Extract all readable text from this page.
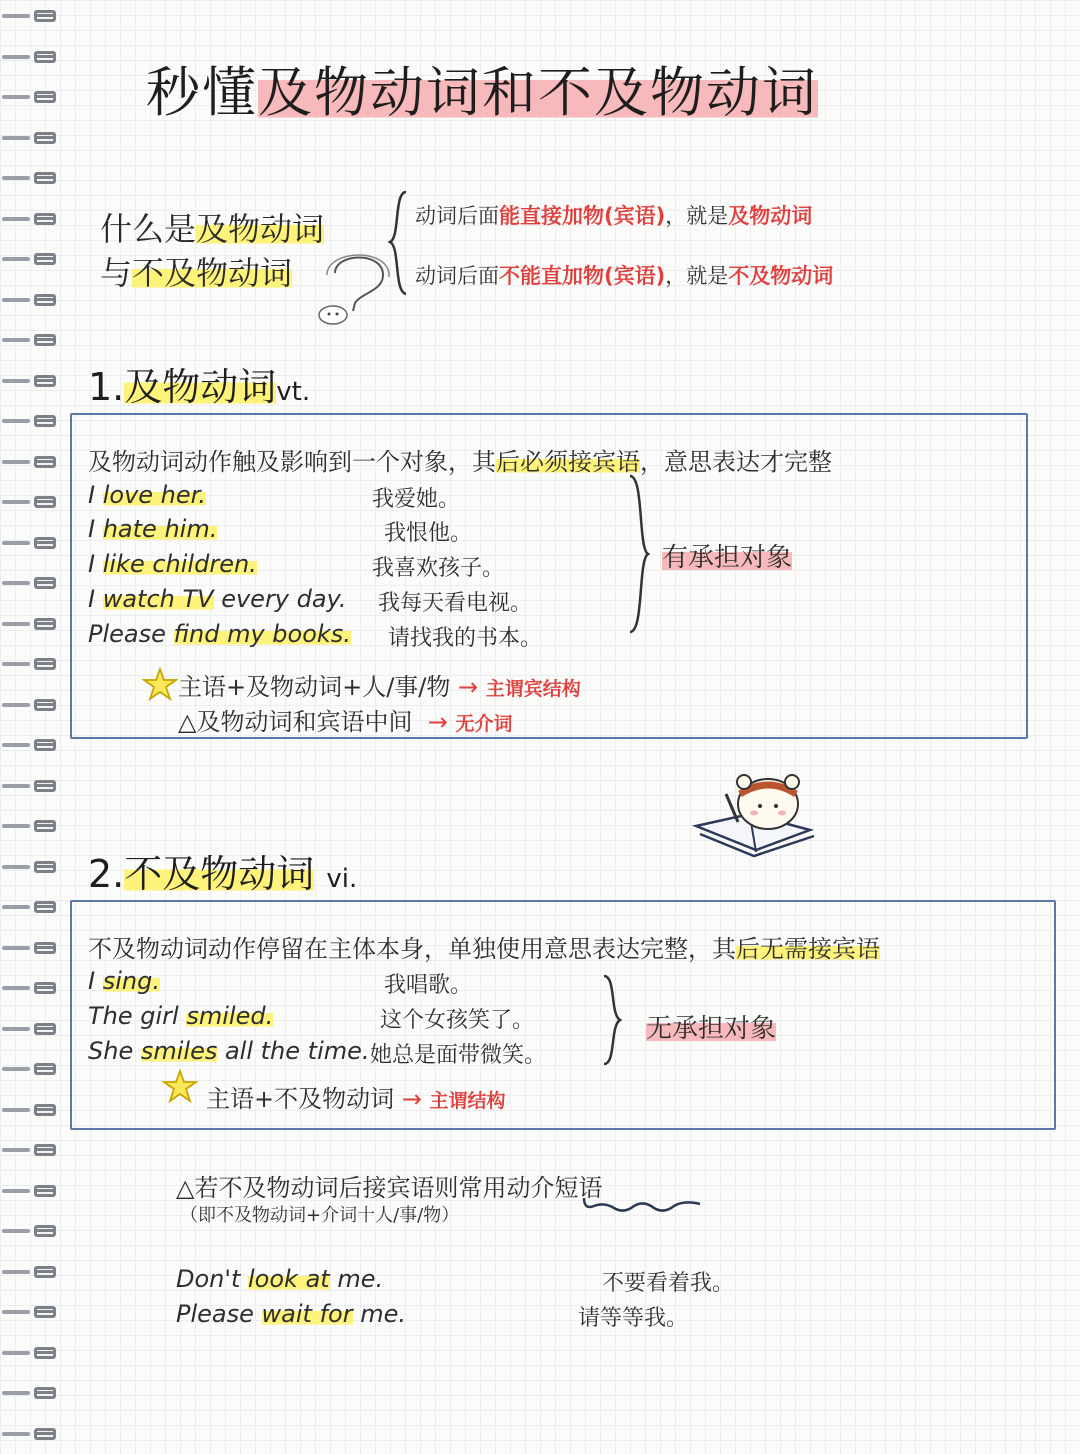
秒懂及物动词和不及物动词
什么是及物动词
与不及物动词
动词后面能直接加物(宾语)，就是及物动词
动词后面不能直加物(宾语)，就是不及物动词
1.及物动词vt.
及物动词动作触及影响到一个对象，其后必须接宾语，意思表达才完整
I love her.	我爱她。
I hate him.	我恨他。
I like children.	我喜欢孩子。
I watch TV every day. 我每天看电视。
Please find my books. 请找我的书本。
有承担对象
主语+及物动词+人/事/物 → 主谓宾结构
△及物动词和宾语中间 → 无介词
2.不及物动词 vi.
不及物动词动作停留在主体本身，单独使用意思表达完整，其后无需接宾语
I sing.	我唱歌。
The girl smiled.	这个女孩笑了。
She smiles all the time. 她总是面带微笑。
无承担对象
主语+不及物动词 → 主谓结构
△若不及物动词后接宾语则常用动介短语
（即不及物动词+介词十人/事/物）
Don't look at me.	不要看着我。
Please wait for me.	请等等我。
